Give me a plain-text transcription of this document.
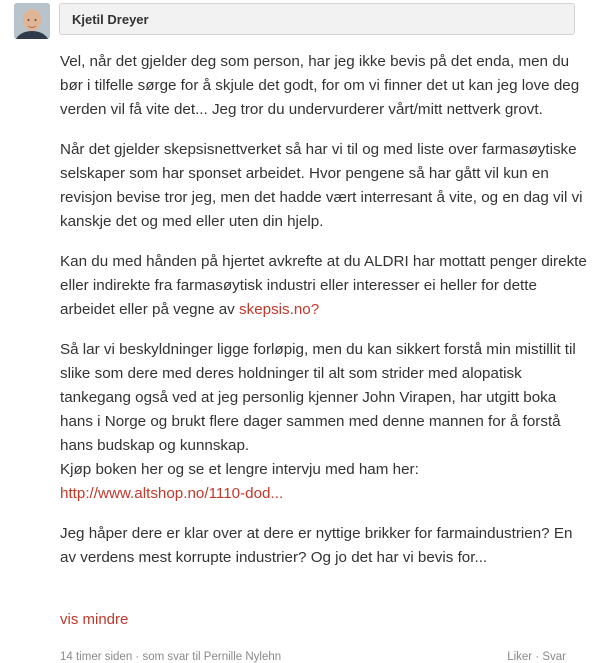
Kjetil Dreyer

Vel, når det gjelder deg som person, har jeg ikke bevis på det enda, men du bør i tilfelle sørge for å skjule det godt, for om vi finner det ut kan jeg love deg verden vil få vite det... Jeg tror du undervurderer vårt/mitt nettverk grovt.

Når det gjelder skepsisnettverket så har vi til og med liste over farmasøytiske selskaper som har sponset arbeidet. Hvor pengene så har gått vil kun en revisjon bevise tror jeg, men det hadde vært interresant å vite, og en dag vil vi kanskje det og med eller uten din hjelp.

Kan du med hånden på hjertet avkrefte at du ALDRI har mottatt penger direkte eller indirekte fra farmasøytisk industri eller interesser ei heller for dette arbeidet eller på vegne av skepsis.no?

Så lar vi beskyldninger ligge forløpig, men du kan sikkert forstå min mistillit til slike som dere med deres holdninger til alt som strider med alopatisk tankegang også ved at jeg personlig kjenner John Virapen, har utgitt boka hans i Norge og brukt flere dager sammen med denne mannen for å forstå hans budskap og kunnskap.
Kjøp boken her og se et lengre intervju med ham her:
http://www.altshop.no/1110-dod...

Jeg håper dere er klar over at dere er nyttige brikker for farmaindustrien? En av verdens mest korrupte industrier? Og jo det har vi bevis for...

vis mindre
14 timer siden · som svar til Pernille Nylehn	Liker · Svar
